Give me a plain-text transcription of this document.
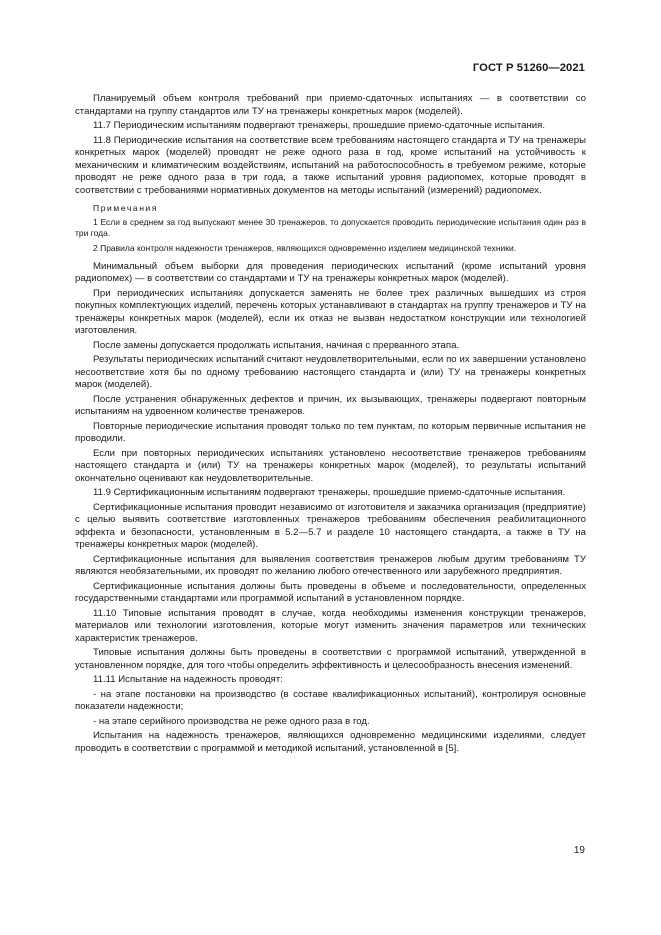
ГОСТ Р 51260—2021

Планируемый объем контроля требований при приемо-сдаточных испытаниях — в соответствии со стандартами на группу стандартов или ТУ на тренажеры конкретных марок (моделей).

11.7 Периодическим испытаниям подвергают тренажеры, прошедшие приемо-сдаточные испытания.

11.8 Периодические испытания на соответствие всем требованиям настоящего стандарта и ТУ на тренажеры конкретных марок (моделей) проводят не реже одного раза в год, кроме испытаний на устойчивость к механическим и климатическим воздействиям, испытаний на работоспособность в требуемом режиме, которые проводят не реже одного раза в три года, а также испытаний уровня радиопомех, которые проводят в соответствии с требованиями нормативных документов на методы испытаний (измерений) радиопомех.

Примечания

1 Если в среднем за год выпускают менее 30 тренажеров, то допускается проводить периодические испытания один раз в три года.

2 Правила контроля надежности тренажеров, являющихся одновременно изделием медицинской техники.

Минимальный объем выборки для проведения периодических испытаний (кроме испытаний уровня радиопомех) — в соответствии со стандартами и ТУ на тренажеры конкретных марок (моделей).

При периодических испытаниях допускается заменять не более трех различных вышедших из строя покупных комплектующих изделий, перечень которых устанавливают в стандартах на группу тренажеров и ТУ на тренажеры конкретных марок (моделей), если их отказ не вызван недостатком конструкции или технологией изготовления.

После замены допускается продолжать испытания, начиная с прерванного этапа.

Результаты периодических испытаний считают неудовлетворительными, если по их завершении установлено несоответствие хотя бы по одному требованию настоящего стандарта и (или) ТУ на тренажеры конкретных марок (моделей).

После устранения обнаруженных дефектов и причин, их вызывающих, тренажеры подвергают повторным испытаниям на удвоенном количестве тренажеров.

Повторные периодические испытания проводят только по тем пунктам, по которым первичные испытания не проводили.

Если при повторных периодических испытаниях установлено несоответствие тренажеров требованиям настоящего стандарта и (или) ТУ на тренажеры конкретных марок (моделей), то результаты испытаний окончательно оценивают как неудовлетворительные.

11.9 Сертификационным испытаниям подвергают тренажеры, прошедшие приемо-сдаточные испытания.

Сертификационные испытания проводит независимо от изготовителя и заказчика организация (предприятие) с целью выявить соответствие изготовленных тренажеров требованиям обеспечения реабилитационного эффекта и безопасности, установленным в 5.2—5.7 и разделе 10 настоящего стандарта, а также в ТУ на тренажеры конкретных марок (моделей).

Сертификационные испытания для выявления соответствия тренажеров любым другим требованиям ТУ являются необязательными, их проводят по желанию любого отечественного или зарубежного предприятия.

Сертификационные испытания должны быть проведены в объеме и последовательности, определенных государственными стандартами или программой испытаний в установленном порядке.

11.10 Типовые испытания проводят в случае, когда необходимы изменения конструкции тренажеров, материалов или технологии изготовления, которые могут изменить значения параметров или технических характеристик тренажеров.

Типовые испытания должны быть проведены в соответствии с программой испытаний, утвержденной в установленном порядке, для того чтобы определить эффективность и целесообразность внесения изменений.

11.11 Испытание на надежность проводят:

- на этапе постановки на производство (в составе квалификационных испытаний), контролируя основные показатели надежности;

- на этапе серийного производства не реже одного раза в год.

Испытания на надежность тренажеров, являющихся одновременно медицинскими изделиями, следует проводить в соответствии с программой и методикой испытаний, установленной в [5].

19
